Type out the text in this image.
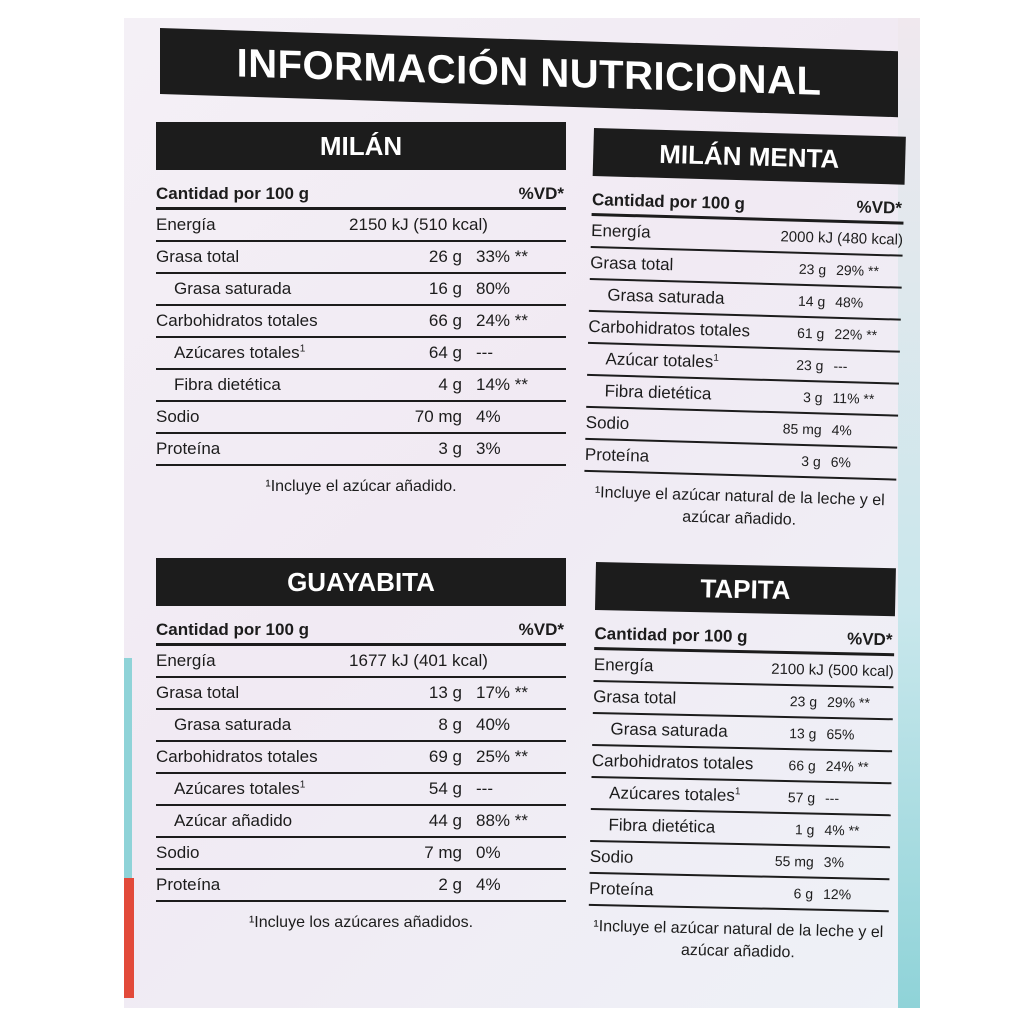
INFORMACIÓN NUTRICIONAL
MILÁN
Cantidad por 100 g	%VD*
Energía	2150 kJ (510 kcal)
Grasa total	26 g 33% **
Grasa saturada	16 g 80%
Carbohidratos totales	66 g 24% **
Azúcares totales$^1$	64 g ---
Fibra dietética	4 g 14% **
Sodio	70 mg 4%
Proteína	3 g 3%
¹Incluye el azúcar añadido.
MILÁN MENTA
Cantidad por 100 g	%VD*
Energía	2000 kJ (480 kcal)
Grasa total	23 g 29% **
Grasa saturada	14 g 48%
Carbohidratos totales	61 g 22% **
Azúcar totales$^1$	23 g ---
Fibra dietética	3 g 11% **
Sodio	85 mg 4%
Proteína	3 g 6%
¹Incluye el azúcar natural de la leche y el azúcar añadido.
GUAYABITA
Cantidad por 100 g	%VD*
Energía	1677 kJ (401 kcal)
Grasa total	13 g 17% **
Grasa saturada	8 g 40%
Carbohidratos totales	69 g 25% **
Azúcares totales$^1$	54 g ---
Azúcar añadido	44 g 88% **
Sodio	7 mg 0%
Proteína	2 g 4%
¹Incluye los azúcares añadidos.
TAPITA
Cantidad por 100 g	%VD*
Energía	2100 kJ (500 kcal)
Grasa total	23 g 29% **
Grasa saturada	13 g 65%
Carbohidratos totales	66 g 24% **
Azúcares totales$^1$	57 g ---
Fibra dietética	1 g 4% **
Sodio	55 mg 3%
Proteína	6 g 12%
¹Incluye el azúcar natural de la leche y el azúcar añadido.
